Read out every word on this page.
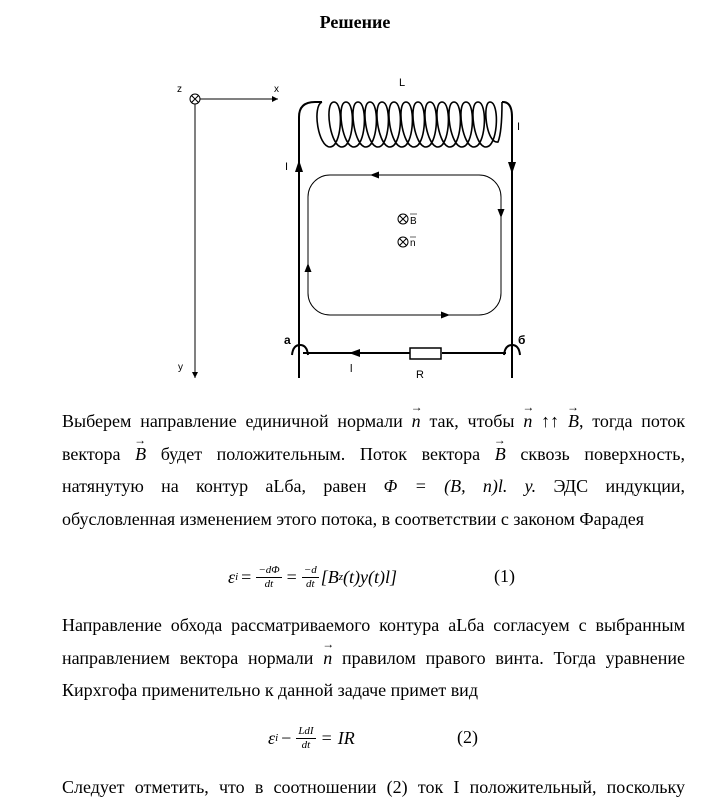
Решение
z	x
y
L
I
I
B
n
a	б
R
l
Выберем направление единичной нормали → n так, чтобы → n ↑↑ → B, тогда поток
вектора → B будет положительным. Поток вектора → B сквозь поверхность,
натянутую на контур aLба, равен Φ = (B, n)l. y. ЭДС индукции,
обусловленная изменением этого потока, в соответствии с законом Фарадея
ε $i = \frac{-d\Phi}{dt} = \frac{-d}{dt} [B$ z (t)y(t)l]	(1)
Направление обхода рассматриваемого контура aLба согласуем с выбранным
направлением вектора нормали → n правилом правого винта. Тогда уравнение
Кирхгофа применительно к данной задаче примет вид
ε $i - \frac{\text{LdI}}{dt}$ = IR	(2)
Следует отметить, что в соотношении (2) ток I положительный, поскольку
